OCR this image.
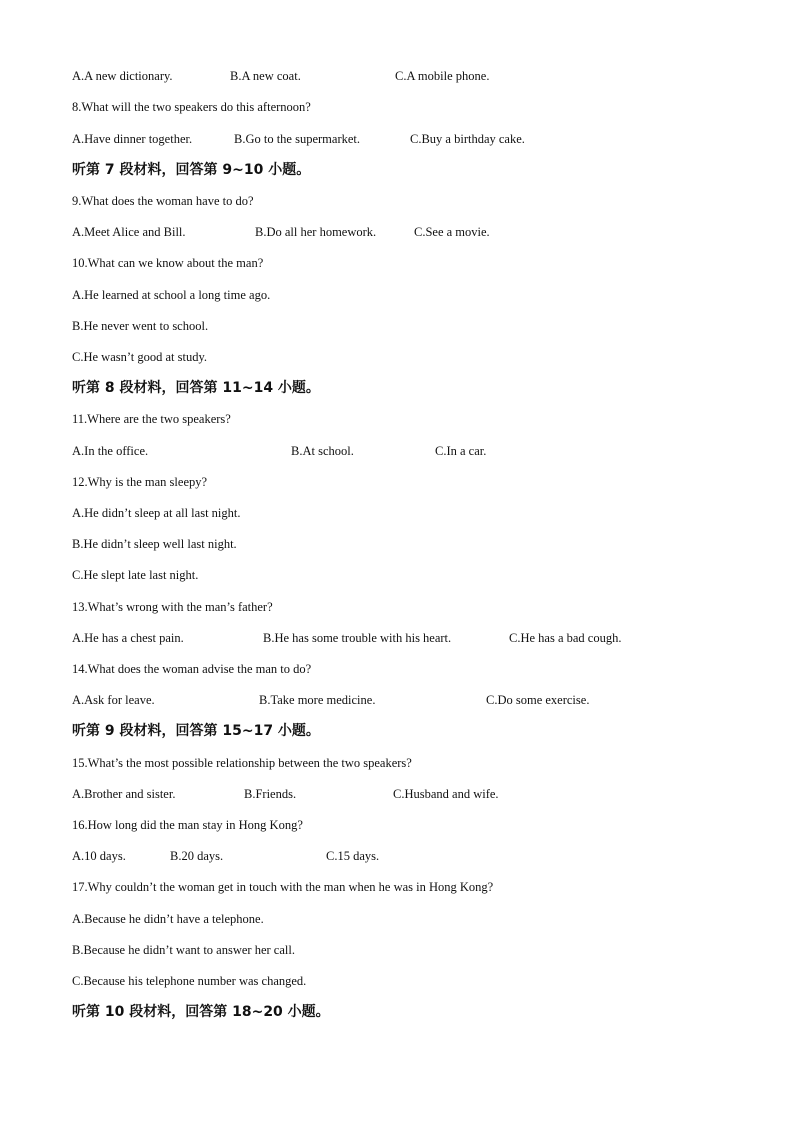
A.A new dictionary.	B.A new coat.	C.A mobile phone.
8.What will the two speakers do this afternoon?
A.Have dinner together.	B.Go to the supermarket.	C.Buy a birthday cake.
听第 7 段材料，回答第 9~10 小题。
9.What does the woman have to do?
A.Meet Alice and Bill.	B.Do all her homework.	C.See a movie.
10.What can we know about the man?
A.He learned at school a long time ago.
B.He never went to school.
C.He wasn’t good at study.
听第 8 段材料，回答第 11~14 小题。
11.Where are the two speakers?
A.In the office.	B.At school.	C.In a car.
12.Why is the man sleepy?
A.He didn’t sleep at all last night.
B.He didn’t sleep well last night.
C.He slept late last night.
13.What’s wrong with the man’s father?
A.He has a chest pain.	B.He has some trouble with his heart.	C.He has a bad cough.
14.What does the woman advise the man to do?
A.Ask for leave.	B.Take more medicine.	C.Do some exercise.
听第 9 段材料，回答第 15~17 小题。
15.What’s the most possible relationship between the two speakers?
A.Brother and sister.	B.Friends.	C.Husband and wife.
16.How long did the man stay in Hong Kong?
A.10 days.	B.20 days.	C.15 days.
17.Why couldn’t the woman get in touch with the man when he was in Hong Kong?
A.Because he didn’t have a telephone.
B.Because he didn’t want to answer her call.
C.Because his telephone number was changed.
听第 10 段材料，回答第 18~20 小题。
